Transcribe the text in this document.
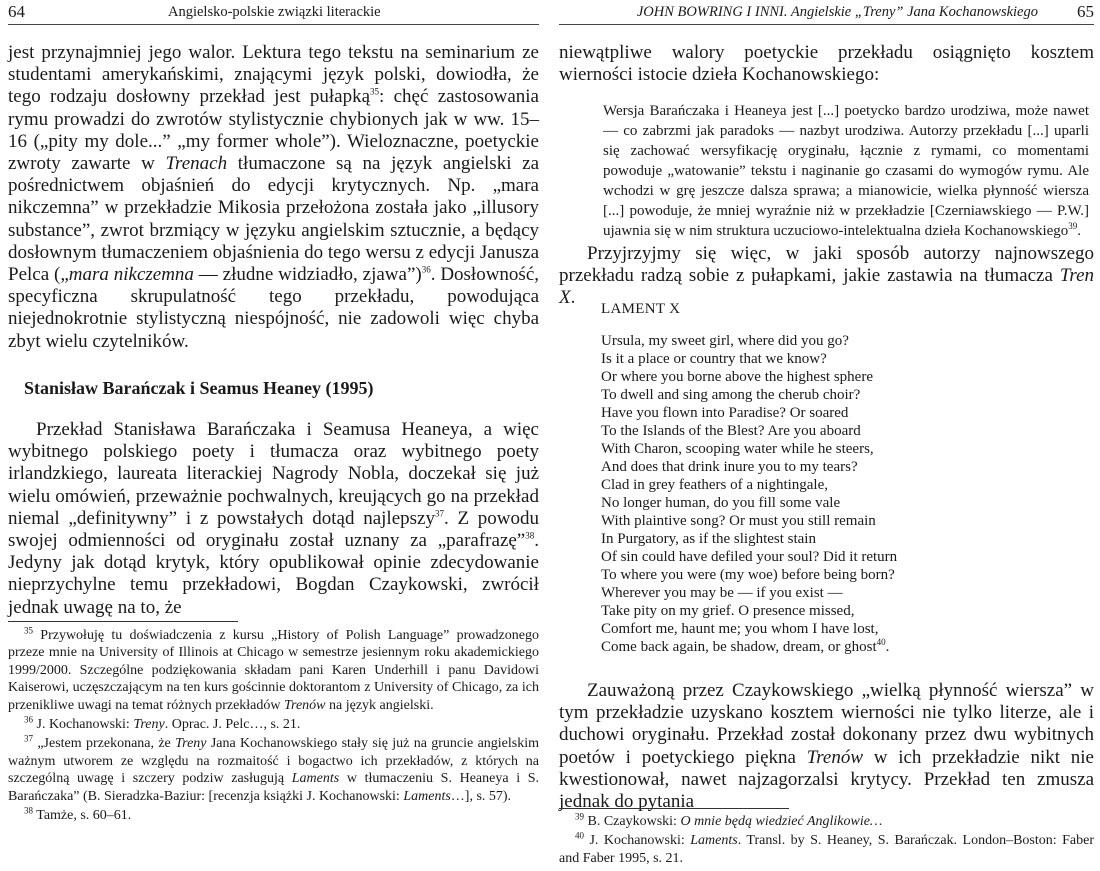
64	Angielsko-polskie związki literackie

jest przynajmniej jego walor. Lektura tego tekstu na seminarium ze studentami amerykańskimi, znającymi język polski, dowiodła, że tego rodzaju dosłowny przekład jest pułapką$^{35}$: chęć zastosowania rymu prowadzi do zwrotów stylistycznie chybionych jak w ww. 15–16 („pity my dole...” „my former whole”). Wieloznaczne, poetyckie zwroty zawarte w Trenach tłumaczone są na język angielski za pośrednictwem objaśnień do edycji krytycznych. Np. „mara nikczemna” w przekładzie Mikosia przełożona została jako „illusory substance”, zwrot brzmiący w języku angielskim sztucznie, a będący dosłownym tłumaczeniem objaśnienia do tego wersu z edycji Janusza Pelca („mara nikczemna — złudne widziadło, zjawa”)$^{36}$. Dosłowność, specyficzna skrupulatność tego przekładu, powodująca niejednokrotnie stylistyczną niespójność, nie zadowoli więc chyba zbyt wielu czytelników.

Stanisław Barańczak i Seamus Heaney (1995)

Przekład Stanisława Barańczaka i Seamusa Heaneya, a więc wybitnego polskiego poety i tłumacza oraz wybitnego poety irlandzkiego, laureata literackiej Nagrody Nobla, doczekał się już wielu omówień, przeważnie pochwalnych, kreujących go na przekład niemal „definitywny” i z powstałych dotąd najlepszy$^{37}$. Z powodu swojej odmienności od oryginału został uznany za „parafrazę”$^{38}$. Jedyny jak dotąd krytyk, który opublikował opinie zdecydowanie nieprzychylne temu przekładowi, Bogdan Czaykowski, zwrócił jednak uwagę na to, że

$^{35}$ Przywołuję tu doświadczenia z kursu „History of Polish Language” prowadzonego przeze mnie na University of Illinois at Chicago w semestrze jesiennym roku akademickiego 1999/2000. Szczególne podziękowania składam pani Karen Underhill i panu Davidowi Kaiserowi, uczęszczającym na ten kurs gościnnie doktorantom z University of Chicago, za ich przenikliwe uwagi na temat różnych przekładów Trenów na język angielski.

$^{36}$ J. Kochanowski: Treny. Oprac. J. Pelc…, s. 21.

$^{37}$ „Jestem przekonana, że Treny Jana Kochanowskiego stały się już na gruncie angielskim ważnym utworem ze względu na rozmaitość i bogactwo ich przekładów, z których na szczególną uwagę i szczery podziw zasługują Laments w tłumaczeniu S. Heaneya i S. Barańczaka” (B. Sieradzka-Baziur: [recenzja książki J. Kochanowski: Laments…], s. 57).

$^{38}$ Tamże, s. 60–61.

JOHN BOWRING I INNI. Angielskie „Treny” Jana Kochanowskiego 65

niewątpliwe walory poetyckie przekładu osiągnięto kosztem wierności istocie dzieła Kochanowskiego:

Wersja Barańczaka i Heaneya jest [...] poetycko bardzo urodziwa, może nawet — co zabrzmi jak paradoks — nazbyt urodziwa. Autorzy przekładu [...] uparli się zachować wersyfikację oryginału, łącznie z rymami, co momentami powoduje „watowanie” tekstu i naginanie go czasami do wymogów rymu. Ale wchodzi w grę jeszcze dalsza sprawa; a mianowicie, wielka płynność wiersza [...] powoduje, że mniej wyraźnie niż w przekładzie [Czerniawskiego — P.W.] ujawnia się w nim struktura uczuciowo-intelektualna dzieła Kochanowskiego$^{39}$.

Przyjrzyjmy się więc, w jaki sposób autorzy najnowszego przekładu radzą sobie z pułapkami, jakie zastawia na tłumacza Tren X.

LAMENT X
Ursula, my sweet girl, where did you go?
Is it a place or country that we know?
Or where you borne above the highest sphere
To dwell and sing among the cherub choir?
Have you flown into Paradise? Or soared
To the Islands of the Blest? Are you aboard
With Charon, scooping water while he steers,
And does that drink inure you to my tears?
Clad in grey feathers of a nightingale,
No longer human, do you fill some vale
With plaintive song? Or must you still remain
In Purgatory, as if the slightest stain
Of sin could have defiled your soul? Did it return
To where you were (my woe) before being born?
Wherever you may be — if you exist —
Take pity on my grief. O presence missed,
Comfort me, haunt me; you whom I have lost,
Come back again, be shadow, dream, or ghost$^{40}$.

Zauważoną przez Czaykowskiego „wielką płynność wiersza” w tym przekładzie uzyskano kosztem wierności nie tylko literze, ale i duchowi oryginału. Przekład został dokonany przez dwu wybitnych poetów i poetyckiego piękna Trenów w ich przekładzie nikt nie kwestionował, nawet najzagorzalsi krytycy. Przekład ten zmusza jednak do pytania

$^{39}$ B. Czaykowski: O mnie będą wiedzieć Anglikowie…

$^{40}$ J. Kochanowski: Laments. Transl. by S. Heaney, S. Barańczak. London–Boston: Faber and Faber 1995, s. 21.
